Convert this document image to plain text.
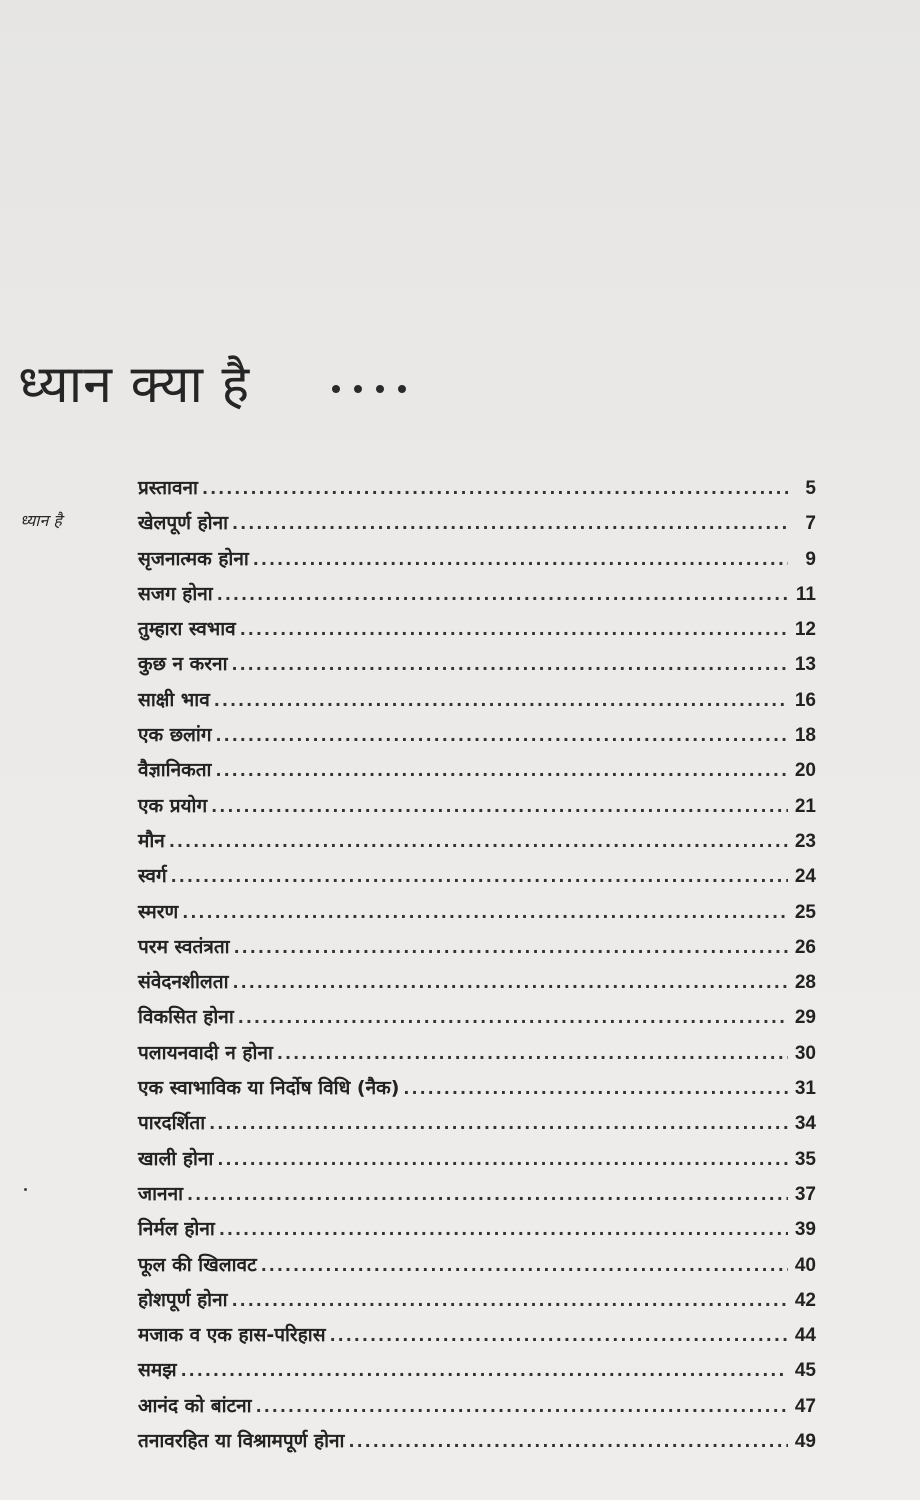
ध्यान क्या है
ध्यान है
प्रस्तावना .....	5
खेलपूर्ण होना .....	7
सृजनात्मक होना .....	9
सजग होना .....	11
तुम्हारा स्वभाव .....	12
कुछ न करना .....	13
साक्षी भाव .....	16
एक छलांग .....	18
वैज्ञानिकता .....	20
एक प्रयोग .....	21
मौन .....	23
स्वर्ग .....	24
स्मरण .....	25
परम स्वतंत्रता .....	26
संवेदनशीलता .....	28
विकसित होना .....	29
पलायनवादी न होना .....	30
एक स्वाभाविक या निर्दोष विधि (नैक) .....	31
पारदर्शिता .....	34
खाली होना .....	35
जानना .....	37
निर्मल होना .....	39
फूल की खिलावट .....	40
होशपूर्ण होना .....	42
मजाक व एक हास-परिहास .....	44
समझ .....	45
आनंद को बांटना .....	47
तनावरहित या विश्रामपूर्ण होना .....	49
